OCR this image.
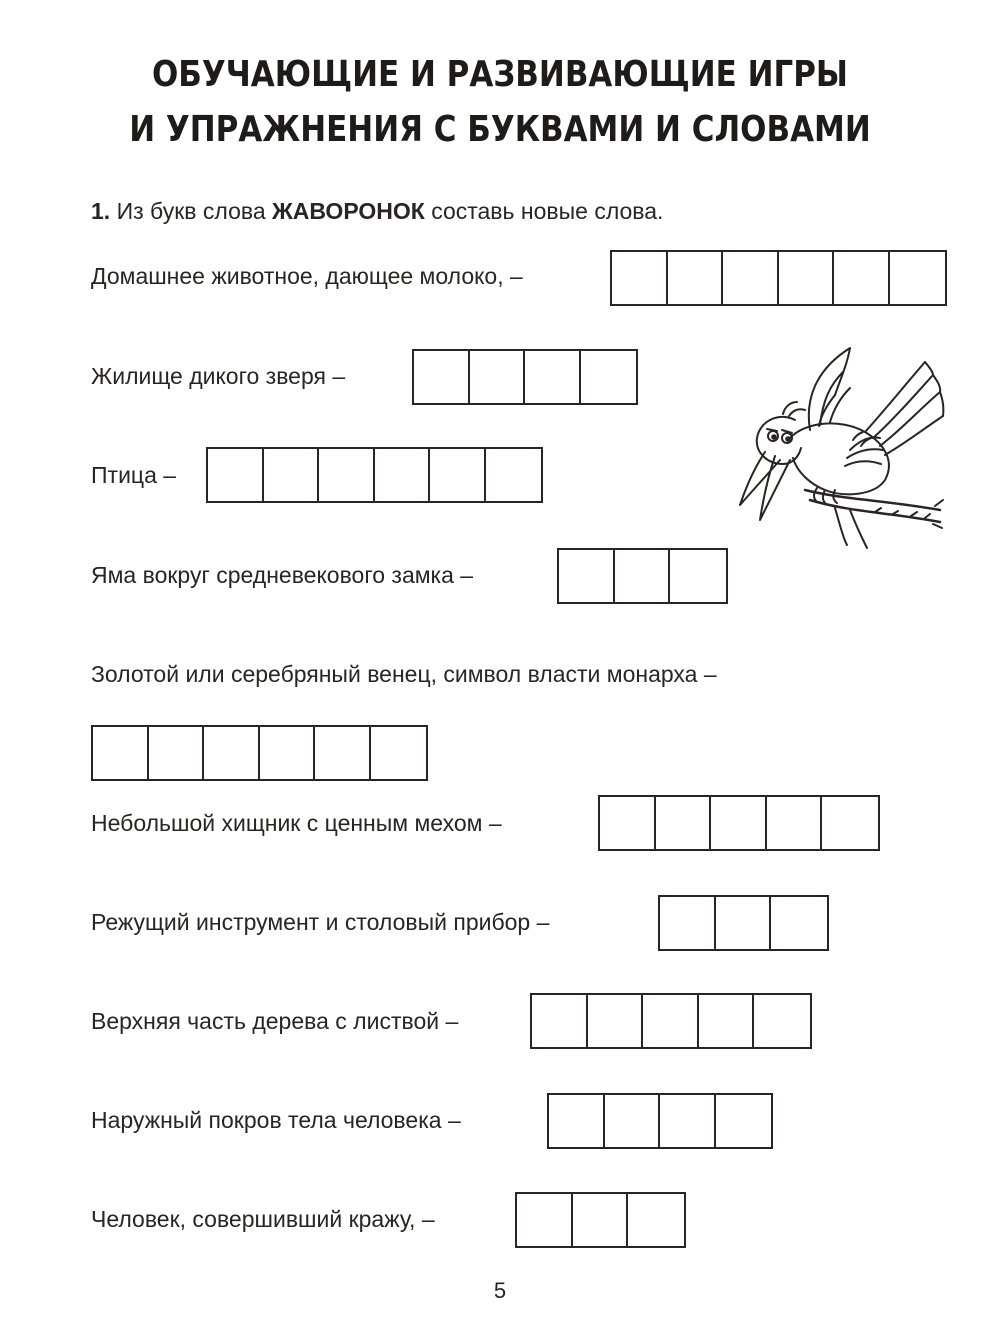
ОБУЧАЮЩИЕ И РАЗВИВАЮЩИЕ ИГРЫ
И УПРАЖНЕНИЯ С БУКВАМИ И СЛОВАМИ
1. Из букв слова ЖАВОРОНОК составь новые слова.
Домашнее животное, дающее молоко, –
Жилище дикого зверя –
Птица –
Яма вокруг средневекового замка –
Золотой или серебряный венец, символ власти монарха –
Небольшой хищник с ценным мехом –
Режущий инструмент и столовый прибор –
Верхняя часть дерева с листвой –
Наружный покров тела человека –
Человек, совершивший кражу, –
5
